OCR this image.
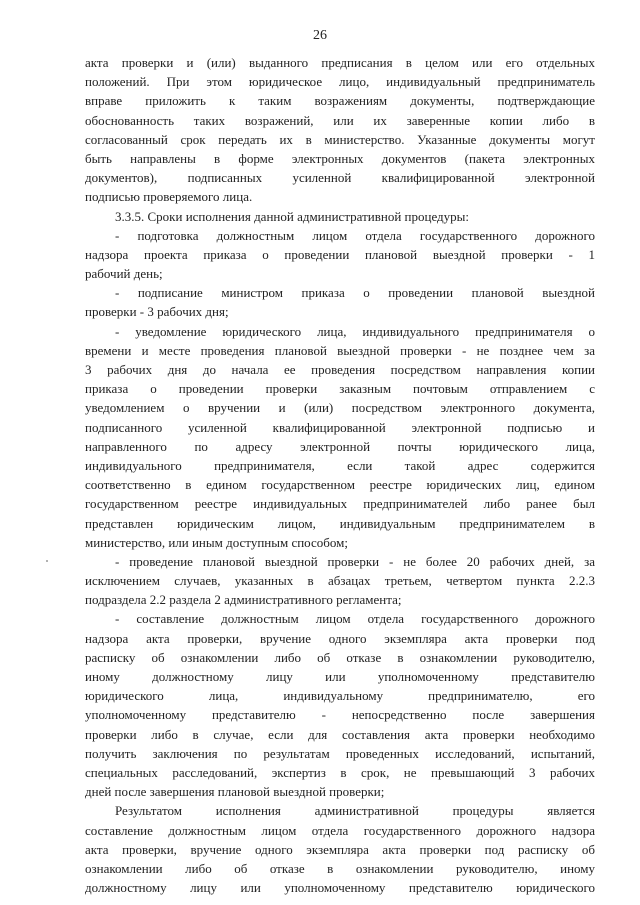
26
акта проверки и (или) выданного предписания в целом или его отдельных
положений. При этом юридическое лицо, индивидуальный предприниматель
вправе приложить к таким возражениям документы, подтверждающие
обоснованность таких возражений, или их заверенные копии либо в
согласованный срок передать их в министерство. Указанные документы могут
быть направлены в форме электронных документов (пакета электронных
документов), подписанных усиленной квалифицированной электронной
подписью проверяемого лица.
3.3.5. Сроки исполнения данной административной процедуры:
- подготовка должностным лицом отдела государственного дорожного
надзора проекта приказа о проведении плановой выездной проверки - 1
рабочий день;
- подписание министром приказа о проведении плановой выездной
проверки - 3 рабочих дня;
- уведомление юридического лица, индивидуального предпринимателя о
времени и месте проведения плановой выездной проверки - не позднее чем за
3 рабочих дня до начала ее проведения посредством направления копии
приказа о проведении проверки заказным почтовым отправлением с
уведомлением о вручении и (или) посредством электронного документа,
подписанного усиленной квалифицированной электронной подписью и
направленного по адресу электронной почты юридического лица,
индивидуального предпринимателя, если такой адрес содержится
соответственно в едином государственном реестре юридических лиц, едином
государственном реестре индивидуальных предпринимателей либо ранее был
представлен юридическим лицом, индивидуальным предпринимателем в
министерство, или иным доступным способом;
- проведение плановой выездной проверки - не более 20 рабочих дней, за
исключением случаев, указанных в абзацах третьем, четвертом пункта 2.2.3
подраздела 2.2 раздела 2 административного регламента;
- составление должностным лицом отдела государственного дорожного
надзора акта проверки, вручение одного экземпляра акта проверки под
расписку об ознакомлении либо об отказе в ознакомлении руководителю,
иному должностному лицу или уполномоченному представителю
юридического лица, индивидуальному предпринимателю, его
уполномоченному представителю - непосредственно после завершения
проверки либо в случае, если для составления акта проверки необходимо
получить заключения по результатам проведенных исследований, испытаний,
специальных расследований, экспертиз в срок, не превышающий 3 рабочих
дней после завершения плановой выездной проверки;
Результатом исполнения административной процедуры является
составление должностным лицом отдела государственного дорожного надзора
акта проверки, вручение одного экземпляра акта проверки под расписку об
ознакомлении либо об отказе в ознакомлении руководителю, иному
должностному лицу или уполномоченному представителю юридического
